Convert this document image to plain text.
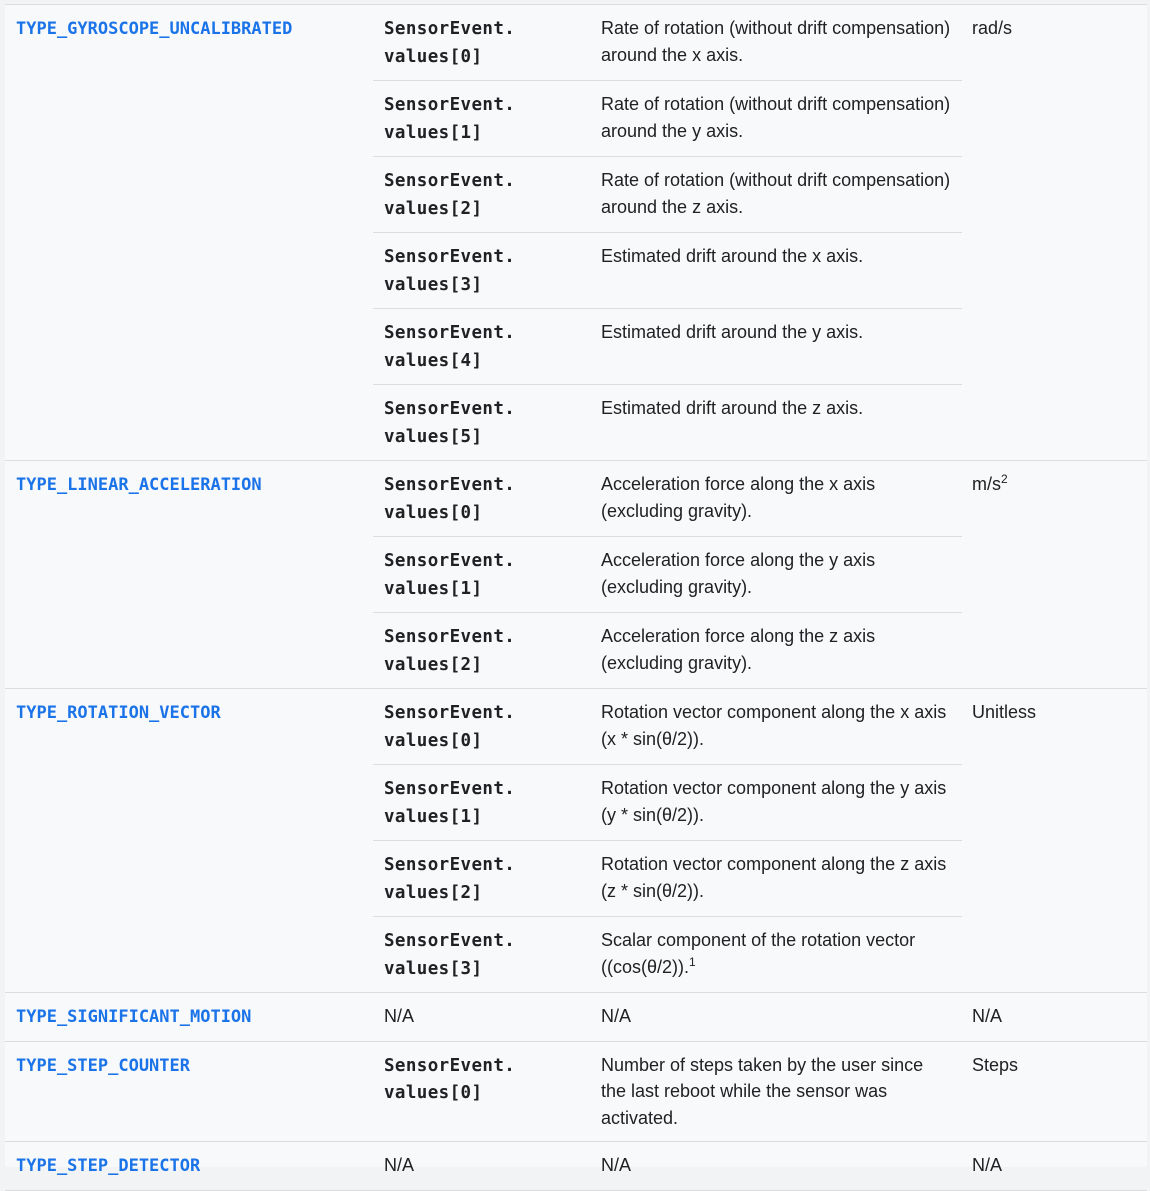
TYPE_GYROSCOPE_UNCALIBRATED	SensorEvent.
values[0]	Rate of rotation (without drift compensation) around the x axis.	rad/s
	SensorEvent.
values[1]	Rate of rotation (without drift compensation) around the y axis.	
	SensorEvent.
values[2]	Rate of rotation (without drift compensation) around the z axis.	
	SensorEvent.
values[3]	Estimated drift around the x axis.	
	SensorEvent.
values[4]	Estimated drift around the y axis.	
	SensorEvent.
values[5]	Estimated drift around the z axis.	
TYPE_LINEAR_ACCELERATION	SensorEvent.
values[0]	Acceleration force along the x axis (excluding gravity).	$m/s^2$
	SensorEvent.
values[1]	Acceleration force along the y axis (excluding gravity).	
	SensorEvent.
values[2]	Acceleration force along the z axis (excluding gravity).	
TYPE_ROTATION_VECTOR	SensorEvent.
values[0]	Rotation vector component along the x axis (x * sin(θ/2)).	Unitless
	SensorEvent.
values[1]	Rotation vector component along the y axis (y * sin(θ/2)).	
	SensorEvent.
values[2]	Rotation vector component along the z axis (z * sin(θ/2)).	
	SensorEvent.
values[3]	Scalar component of the rotation vector ((cos(θ/2)).$^1$
TYPE_SIGNIFICANT_MOTION	N/A	N/A	N/A
TYPE_STEP_COUNTER	SensorEvent.
values[0]	Number of steps taken by the user since the last reboot while the sensor was activated.	Steps
TYPE_STEP_DETECTOR	N/A	N/A	N/A
